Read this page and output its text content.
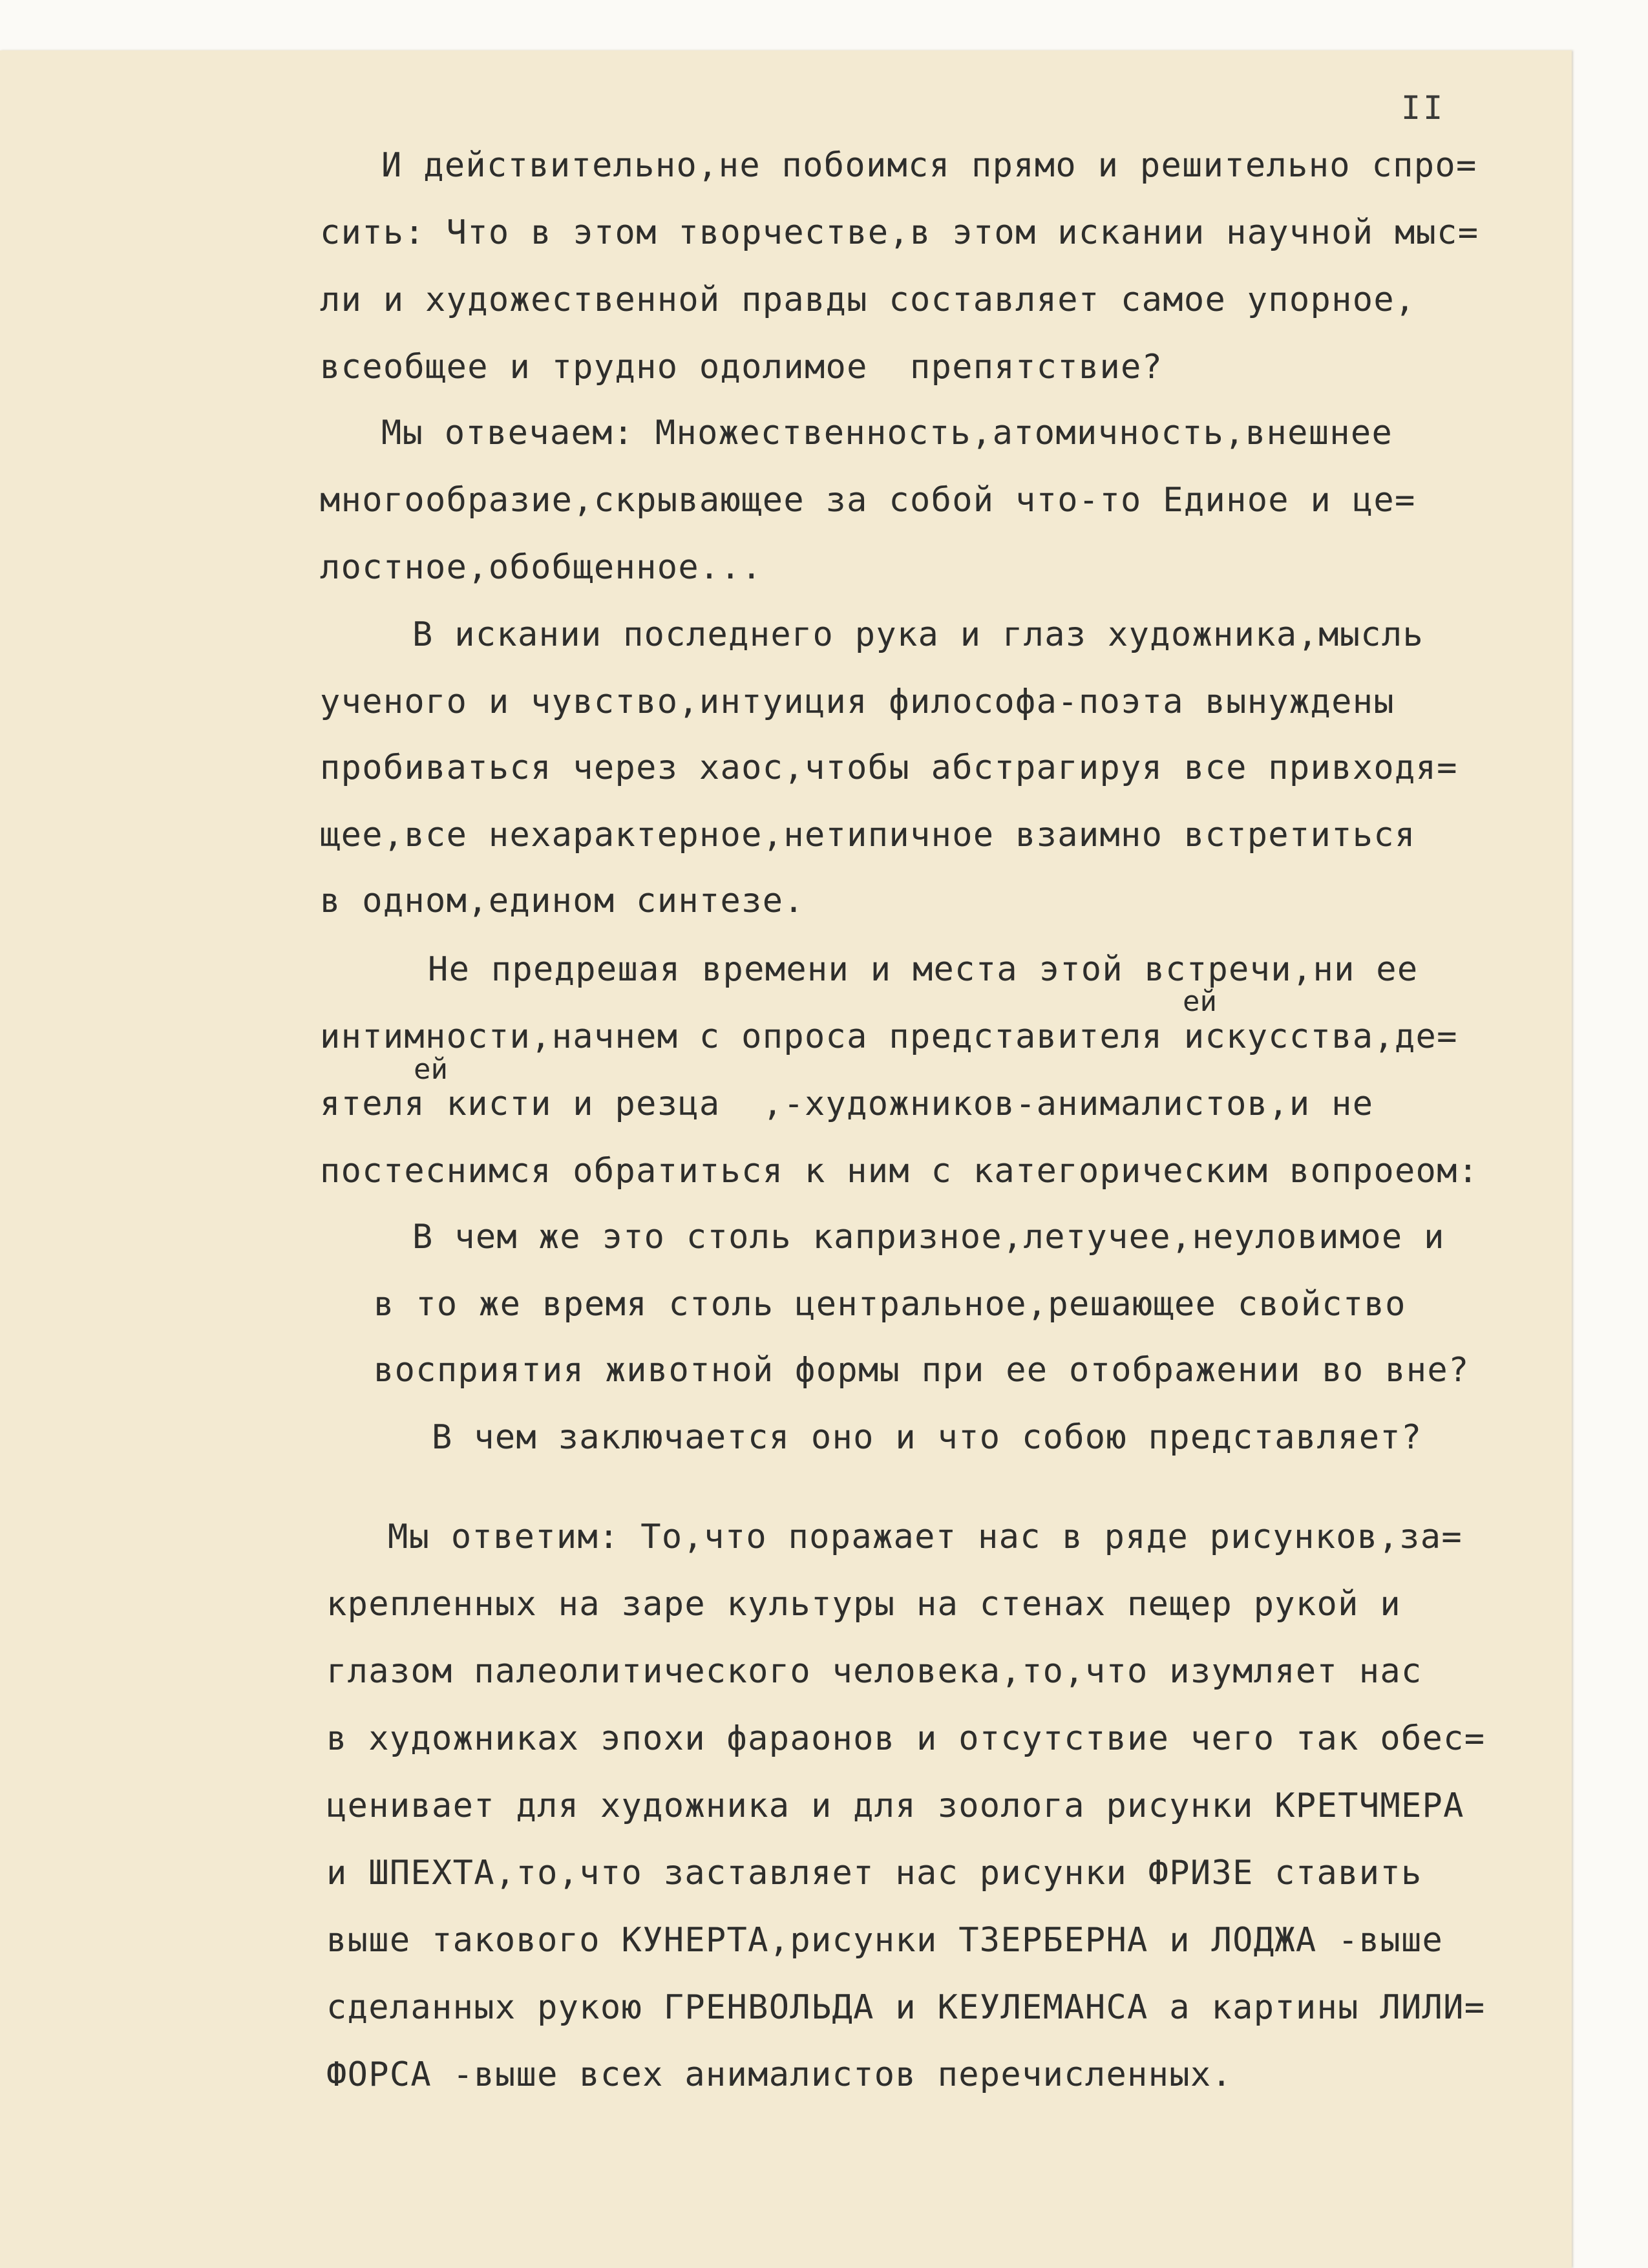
II
И действительно,не побоимся прямо и решительно спро=
сить: Что в этом творчестве,в этом искании научной мыс=
ли и художественной правды составляет самое упорное,
всеобщее и трудно одолимое  препятствие?
Мы отвечаем: Множественность,атомичность,внешнее
многообразие,скрывающее за собой что-то Единое и це=
лостное,обобщенное...
В искании последнего рука и глаз художника,мысль
ученого и чувство,интуиция философа-поэта вынуждены
пробиваться через хаос,чтобы абстрагируя все привходя=
щее,все нехарактерное,нетипичное взаимно встретиться
в одном,едином синтезе.
Не предрешая времени и места этой встречи,ни ее
ей
интимности,начнем с опроса представителя искусства,де=
ей
ятеля кисти и резца  ,-художников-анималистов,и не
постеснимся обратиться к ним с категорическим вопроеом:
В чем же это столь капризное,летучее,неуловимое и
в то же время столь центральное,решающее свойство
восприятия животной формы при ее отображении во вне?
В чем заключается оно и что собою представляет?
Мы ответим: То,что поражает нас в ряде рисунков,за=
крепленных на заре культуры на стенах пещер рукой и
глазом палеолитического человека,то,что изумляет нас
в художниках эпохи фараонов и отсутствие чего так обес=
ценивает для художника и для зоолога рисунки КРЕТЧМЕРА
и ШПЕХТА,то,что заставляет нас рисунки ФРИЗЕ ставить
выше такового КУНЕРТА,рисунки ТЗЕРБЕРНА и ЛОДЖА -выше
сделанных рукою ГРЕНВОЛЬДА и КЕУЛЕМАНСА а картины ЛИЛИ=
ФОРСА -выше всех анималистов перечисленных.
